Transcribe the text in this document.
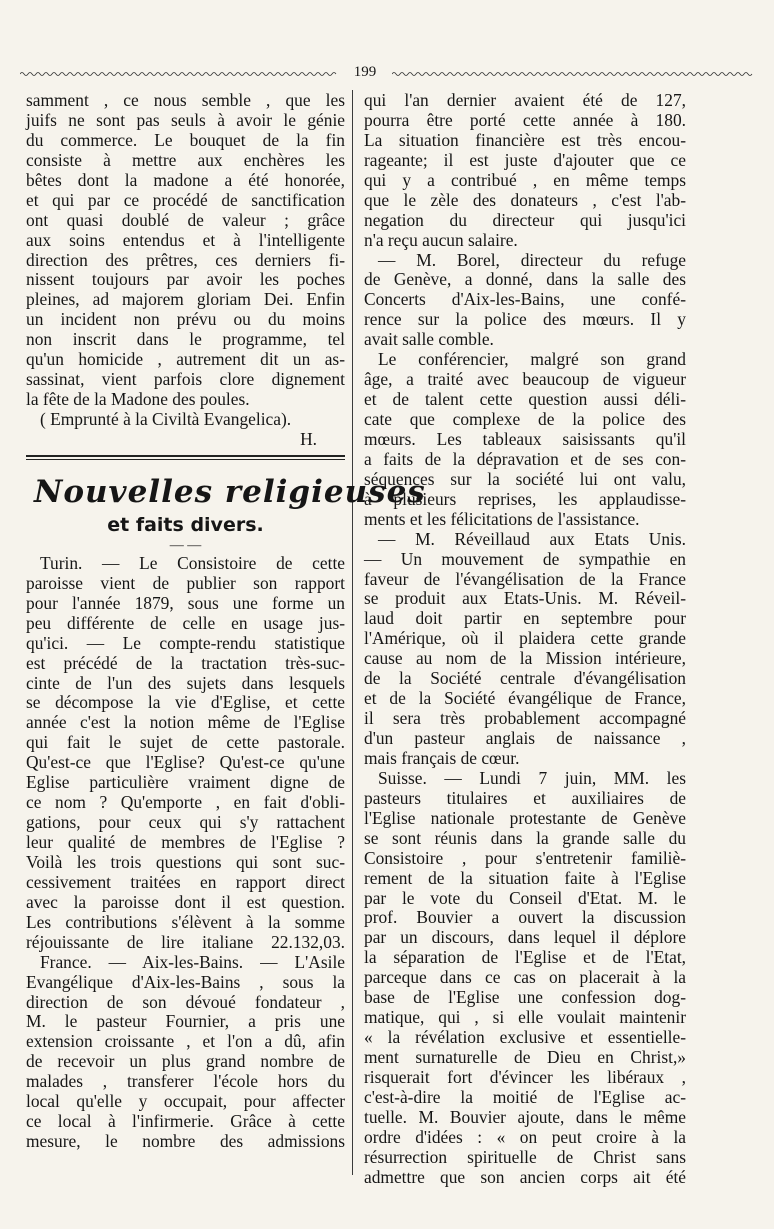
199
samment , ce nous semble , que les
juifs ne sont pas seuls à avoir le génie
du commerce. Le bouquet de la fin
consiste à mettre aux enchères les
bêtes dont la madone a été honorée,
et qui par ce procédé de sanctification
ont quasi doublé de valeur ; grâce
aux soins entendus et à l'intelligente
direction des prêtres, ces derniers fi-
nissent toujours par avoir les poches
pleines, ad majorem gloriam Dei. Enfin
un incident non prévu ou du moins
non inscrit dans le programme, tel
qu'un homicide , autrement dit un as-
sassinat, vient parfois clore dignement
la fête de la Madone des poules.
( Emprunté à la Civiltà Evangelica).
H.
Nouvelles religieuses
et faits divers.
— —
Turin. — Le Consistoire de cette
paroisse vient de publier son rapport
pour l'année 1879, sous une forme un
peu différente de celle en usage jus-
qu'ici. — Le compte-rendu statistique
est précédé de la tractation très-suc-
cinte de l'un des sujets dans lesquels
se décompose la vie d'Eglise, et cette
année c'est la notion même de l'Eglise
qui fait le sujet de cette pastorale.
Qu'est-ce que l'Eglise? Qu'est-ce qu'une
Eglise particulière vraiment digne de
ce nom ? Qu'emporte , en fait d'obli-
gations, pour ceux qui s'y rattachent
leur qualité de membres de l'Eglise ?
Voilà les trois questions qui sont suc-
cessivement traitées en rapport direct
avec la paroisse dont il est question.
Les contributions s'élèvent à la somme
réjouissante de lire italiane 22.132,03.
France. — Aix-les-Bains. — L'Asile
Evangélique d'Aix-les-Bains , sous la
direction de son dévoué fondateur ,
M. le pasteur Fournier, a pris une
extension croissante , et l'on a dû, afin
de recevoir un plus grand nombre de
malades , transferer l'école hors du
local qu'elle y occupait, pour affecter
ce local à l'infirmerie. Grâce à cette
mesure, le nombre des admissions
qui l'an dernier avaient été de 127,
pourra être porté cette année à 180.
La situation financière est très encou-
rageante; il est juste d'ajouter que ce
qui y a contribué , en même temps
que le zèle des donateurs , c'est l'ab-
negation du directeur qui jusqu'ici
n'a reçu aucun salaire.
— M. Borel, directeur du refuge
de Genève, a donné, dans la salle des
Concerts d'Aix-les-Bains, une confé-
rence sur la police des mœurs. Il y
avait salle comble.
Le conférencier, malgré son grand
âge, a traité avec beaucoup de vigueur
et de talent cette question aussi déli-
cate que complexe de la police des
mœurs. Les tableaux saisissants qu'il
a faits de la dépravation et de ses con-
séquences sur la société lui ont valu,
à plusieurs reprises, les applaudisse-
ments et les félicitations de l'assistance.
— M. Réveillaud aux Etats Unis.
— Un mouvement de sympathie en
faveur de l'évangélisation de la France
se produit aux Etats-Unis. M. Réveil-
laud doit partir en septembre pour
l'Amérique, où il plaidera cette grande
cause au nom de la Mission intérieure,
de la Société centrale d'évangélisation
et de la Société évangélique de France,
il sera très probablement accompagné
d'un pasteur anglais de naissance ,
mais français de cœur.
Suisse. — Lundi 7 juin, MM. les
pasteurs titulaires et auxiliaires de
l'Eglise nationale protestante de Genève
se sont réunis dans la grande salle du
Consistoire , pour s'entretenir familiè-
rement de la situation faite à l'Eglise
par le vote du Conseil d'Etat. M. le
prof. Bouvier a ouvert la discussion
par un discours, dans lequel il déplore
la séparation de l'Eglise et de l'Etat,
parceque dans ce cas on placerait à la
base de l'Eglise une confession dog-
matique, qui , si elle voulait maintenir
« la révélation exclusive et essentielle-
ment surnaturelle de Dieu en Christ,»
risquerait fort d'évincer les libéraux ,
c'est-à-dire la moitié de l'Eglise ac-
tuelle. M. Bouvier ajoute, dans le même
ordre d'idées : « on peut croire à la
résurrection spirituelle de Christ sans
admettre que son ancien corps ait été
